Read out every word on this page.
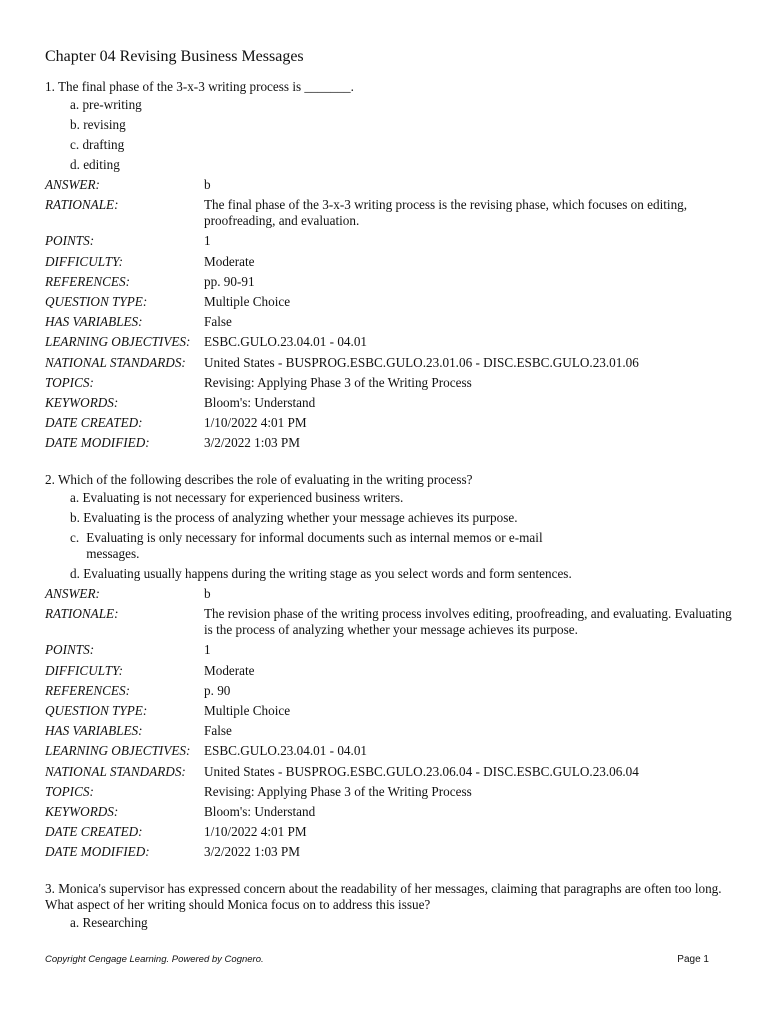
Chapter 04 Revising Business Messages
1. The final phase of the 3-x-3 writing process is _______.
a. pre-writing
b. revising
c. drafting
d. editing
ANSWER:	b
RATIONALE:	The final phase of the 3-x-3 writing process is the revising phase, which focuses on editing, proofreading, and evaluation.
POINTS:	1
DIFFICULTY:	Moderate
REFERENCES:	pp. 90-91
QUESTION TYPE:	Multiple Choice
HAS VARIABLES:	False
LEARNING OBJECTIVES:	ESBC.GULO.23.04.01 - 04.01
NATIONAL STANDARDS:	United States - BUSPROG.ESBC.GULO.23.01.06 - DISC.ESBC.GULO.23.01.06
TOPICS:	Revising: Applying Phase 3 of the Writing Process
KEYWORDS:	Bloom's: Understand
DATE CREATED:	1/10/2022 4:01 PM
DATE MODIFIED:	3/2/2022 1:03 PM
2. Which of the following describes the role of evaluating in the writing process?
a. Evaluating is not necessary for experienced business writers.
b. Evaluating is the process of analyzing whether your message achieves its purpose.
c. Evaluating is only necessary for informal documents such as internal memos or e-mail messages.
d. Evaluating usually happens during the writing stage as you select words and form sentences.
ANSWER:	b
RATIONALE:	The revision phase of the writing process involves editing, proofreading, and evaluating. Evaluating is the process of analyzing whether your message achieves its purpose.
POINTS:	1
DIFFICULTY:	Moderate
REFERENCES:	p. 90
QUESTION TYPE:	Multiple Choice
HAS VARIABLES:	False
LEARNING OBJECTIVES:	ESBC.GULO.23.04.01 - 04.01
NATIONAL STANDARDS:	United States - BUSPROG.ESBC.GULO.23.06.04 - DISC.ESBC.GULO.23.06.04
TOPICS:	Revising: Applying Phase 3 of the Writing Process
KEYWORDS:	Bloom's: Understand
DATE CREATED:	1/10/2022 4:01 PM
DATE MODIFIED:	3/2/2022 1:03 PM
3. Monica's supervisor has expressed concern about the readability of her messages, claiming that paragraphs are often too long. What aspect of her writing should Monica focus on to address this issue?
a. Researching
Copyright Cengage Learning. Powered by Cognero.	Page 1
